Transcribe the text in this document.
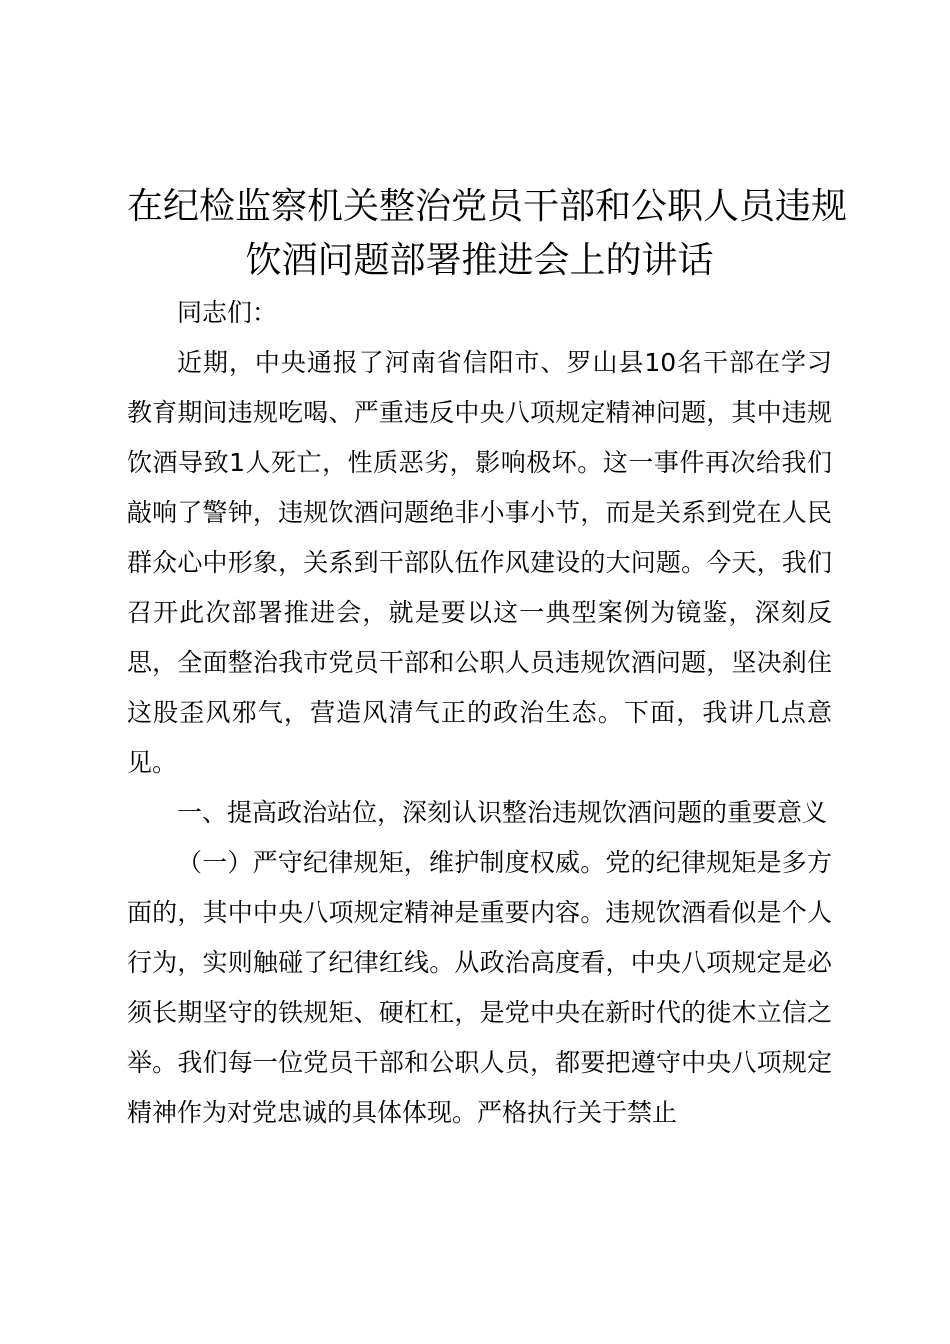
在纪检监察机关整治党员干部和公职人员违规
饮酒问题部署推进会上的讲话

同志们：

近期，中央通报了河南省信阳市、罗山县10名干部在学习教育期间违规吃喝、严重违反中央八项规定精神问题，其中违规饮酒导致1人死亡，性质恶劣，影响极坏。这一事件再次给我们敲响了警钟，违规饮酒问题绝非小事小节，而是关系到党在人民群众心中形象，关系到干部队伍作风建设的大问题。今天，我们召开此次部署推进会，就是要以这一典型案例为镜鉴，深刻反思，全面整治我市党员干部和公职人员违规饮酒问题，坚决刹住这股歪风邪气，营造风清气正的政治生态。下面，我讲几点意见。

一、提高政治站位，深刻认识整治违规饮酒问题的重要意义

（一）严守纪律规矩，维护制度权威。党的纪律规矩是多方面的，其中中央八项规定精神是重要内容。违规饮酒看似是个人行为，实则触碰了纪律红线。从政治高度看，中央八项规定是必须长期坚守的铁规矩、硬杠杠，是党中央在新时代的徙木立信之举。我们每一位党员干部和公职人员，都要把遵守中央八项规定精神作为对党忠诚的具体体现。严格执行关于禁止
